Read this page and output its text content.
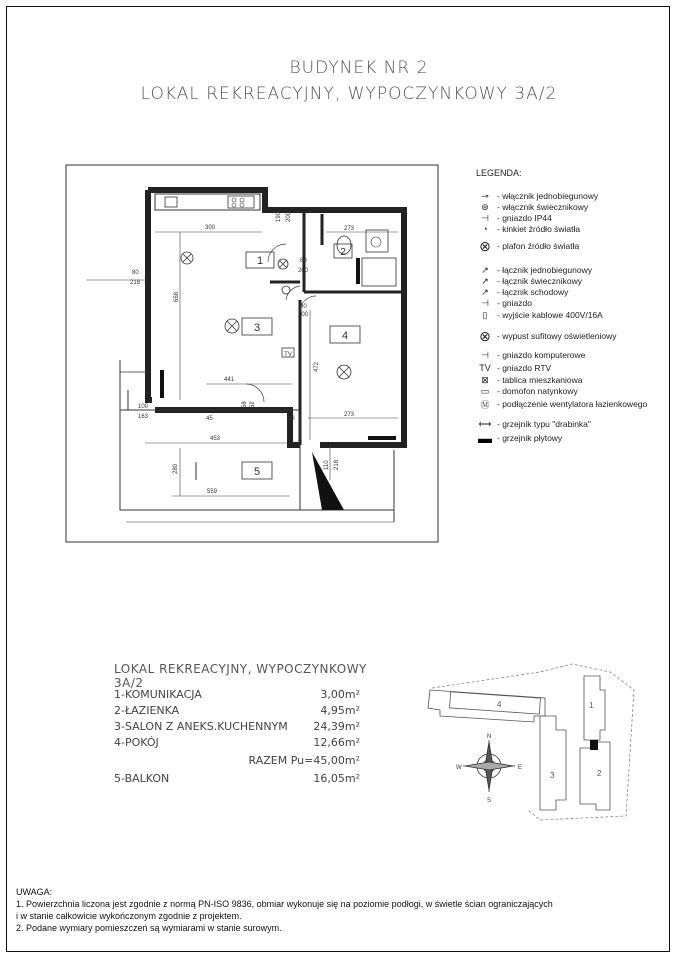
BUDYNEK NR 2
LOKAL REKREACYJNY, WYPOCZYNKOWY 3A/2
1
2
3
4
5
TV
300
658
80
218
190 200
273
80
200
80
200
441
472
273
100
163
453
280
559
110 218
45	18
58 52
LEGENDA:
⊸ - włącznik jednobiegunowy
⊛ - włącznik świecznikowy
⊣ - gniazdo IP44
◔	- kinkiet źródło światła
⊗ - plafon źródło światła
↗ - łącznik jednobiegunowy
↗ - łącznik świecznikowy
↗ - łącznik schodowy
⊣ - gniazdo
▯	- wyjście kablowe 400V/16A
⊗ - wypust sufitowy oświetleniowy
⊣ - gniazdo komputerowe
TV - gniazdo RTV
⊠ - tablica mieszkaniowa
▭ - domofon natynkowy
Ⓜ - podłączenie wentylatora łazienkowego
⟷ - grzejnik typu "drabinka"
▬ - grzejnik płytowy
LOKAL REKREACYJNY, WYPOCZYNKOWY 3A/2
1-KOMUNIKACJA	3,00m²
2-ŁAZIENKA	4,95m²
3-SALON Z ANEKS.KUCHENNYM 24,39m²
4-POKÓJ	12,66m²
RAZEM Pu=45,00m²
5-BALKON	16,05m²
4	1
3	2
N
S
E
W
UWAGA:
1. Powierzchnia liczona jest zgodnie z normą PN-ISO 9836, obmiar wykonuje się na poziomie podłogi, w świetle ścian ograniczających
i w stanie całkowicie wykończonym zgodnie z projektem.
2. Podane wymiary pomieszczeń są wymiarami w stanie surowym.
